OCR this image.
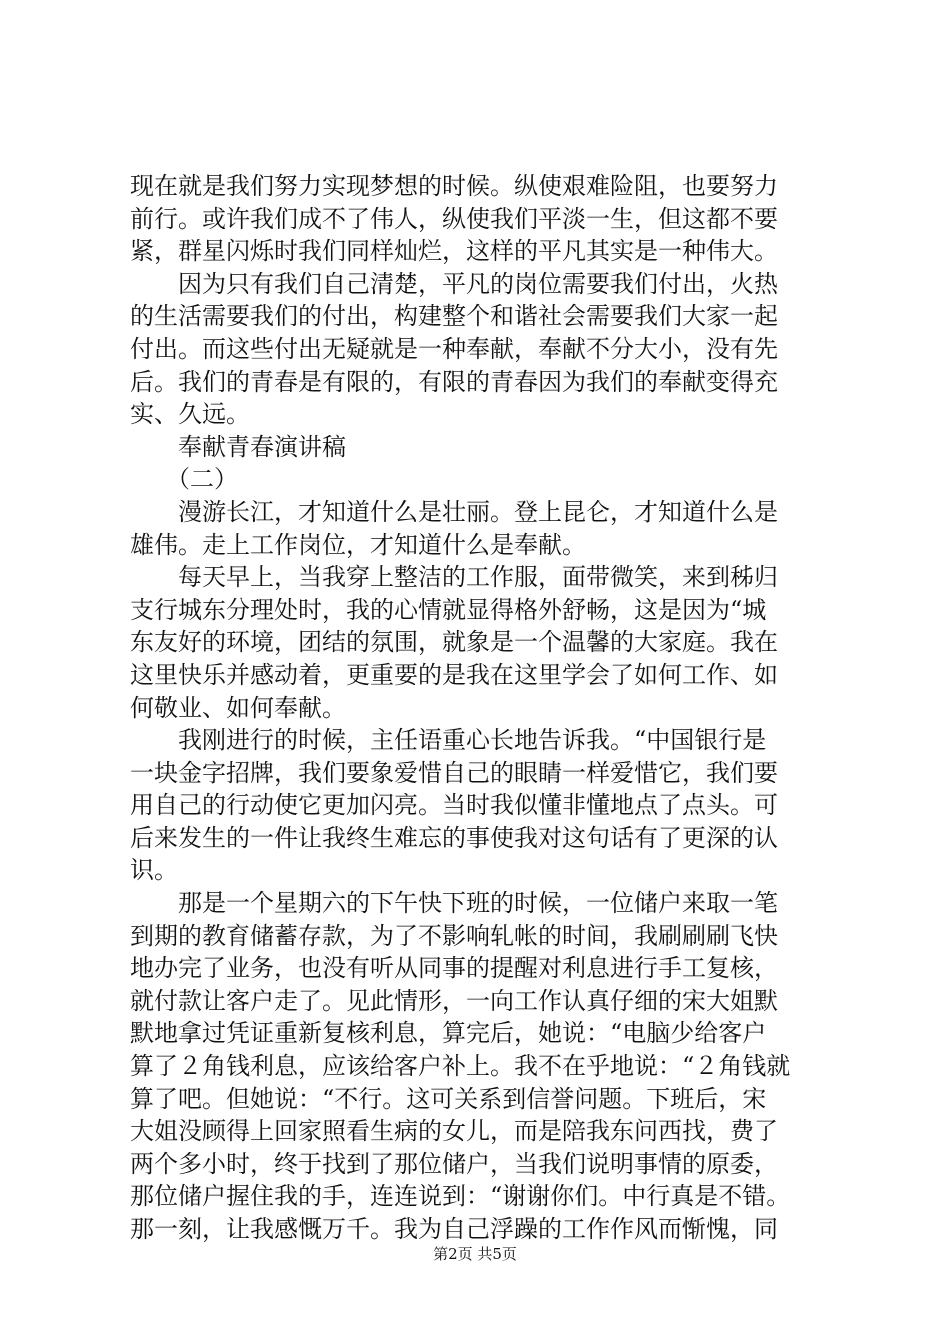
现在就是我们努力实现梦想的时候。纵使艰难险阻，也要努力
前行。或许我们成不了伟人，纵使我们平淡一生，但这都不要
紧，群星闪烁时我们同样灿烂，这样的平凡其实是一种伟大。
　　因为只有我们自己清楚，平凡的岗位需要我们付出，火热
的生活需要我们的付出，构建整个和谐社会需要我们大家一起
付出。而这些付出无疑就是一种奉献，奉献不分大小，没有先
后。我们的青春是有限的，有限的青春因为我们的奉献变得充
实、久远。
　　奉献青春演讲稿
　　（二）
　　漫游长江，才知道什么是壮丽。登上昆仑，才知道什么是
雄伟。走上工作岗位，才知道什么是奉献。
　　每天早上，当我穿上整洁的工作服，面带微笑，来到秭归
支行城东分理处时，我的心情就显得格外舒畅，这是因为“城
东友好的环境，团结的氛围，就象是一个温馨的大家庭。我在
这里快乐并感动着，更重要的是我在这里学会了如何工作、如
何敬业、如何奉献。
　　我刚进行的时候，主任语重心长地告诉我。“中国银行是
一块金字招牌，我们要象爱惜自己的眼睛一样爱惜它，我们要
用自己的行动使它更加闪亮。当时我似懂非懂地点了点头。可
后来发生的一件让我终生难忘的事使我对这句话有了更深的认
识。
　　那是一个星期六的下午快下班的时候，一位储户来取一笔
到期的教育储蓄存款，为了不影响轧帐的时间，我刷刷刷飞快
地办完了业务，也没有听从同事的提醒对利息进行手工复核，
就付款让客户走了。见此情形，一向工作认真仔细的宋大姐默
默地拿过凭证重新复核利息，算完后，她说：“电脑少给客户
算了２角钱利息，应该给客户补上。我不在乎地说：“２角钱就
算了吧。但她说：“不行。这可关系到信誉问题。下班后，宋
大姐没顾得上回家照看生病的女儿，而是陪我东问西找，费了
两个多小时，终于找到了那位储户，当我们说明事情的原委，
那位储户握住我的手，连连说到：“谢谢你们。中行真是不错。
那一刻，让我感慨万千。我为自己浮躁的工作作风而惭愧，同
第2页 共5页
